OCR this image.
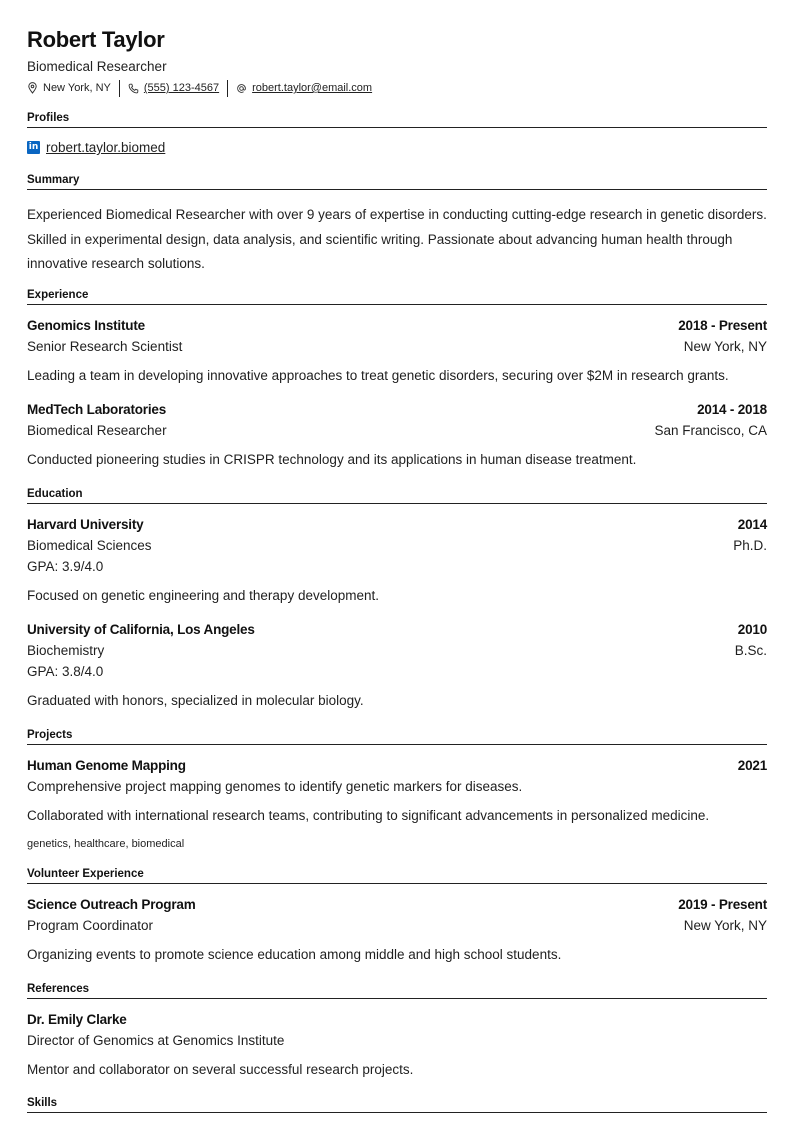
Robert Taylor
Biomedical Researcher
New York, NY	(555) 123-4567	robert.taylor@email.com
Profiles
in robert.taylor.biomed
Summary
Experienced Biomedical Researcher with over 9 years of expertise in conducting cutting-edge research in genetic disorders. Skilled in experimental design, data analysis, and scientific writing. Passionate about advancing human health through innovative research solutions.
Experience
Genomics Institute	2018 - Present
Senior Research Scientist	New York, NY
Leading a team in developing innovative approaches to treat genetic disorders, securing over $2M in research grants.
MedTech Laboratories	2014 - 2018
Biomedical Researcher	San Francisco, CA
Conducted pioneering studies in CRISPR technology and its applications in human disease treatment.
Education
Harvard University	2014
Biomedical Sciences	Ph.D.
GPA: 3.9/4.0
Focused on genetic engineering and therapy development.
University of California, Los Angeles	2010
Biochemistry	B.Sc.
GPA: 3.8/4.0
Graduated with honors, specialized in molecular biology.
Projects
Human Genome Mapping	2021
Comprehensive project mapping genomes to identify genetic markers for diseases.
Collaborated with international research teams, contributing to significant advancements in personalized medicine.
genetics, healthcare, biomedical
Volunteer Experience
Science Outreach Program	2019 - Present
Program Coordinator	New York, NY
Organizing events to promote science education among middle and high school students.
References
Dr. Emily Clarke
Director of Genomics at Genomics Institute
Mentor and collaborator on several successful research projects.
Skills
